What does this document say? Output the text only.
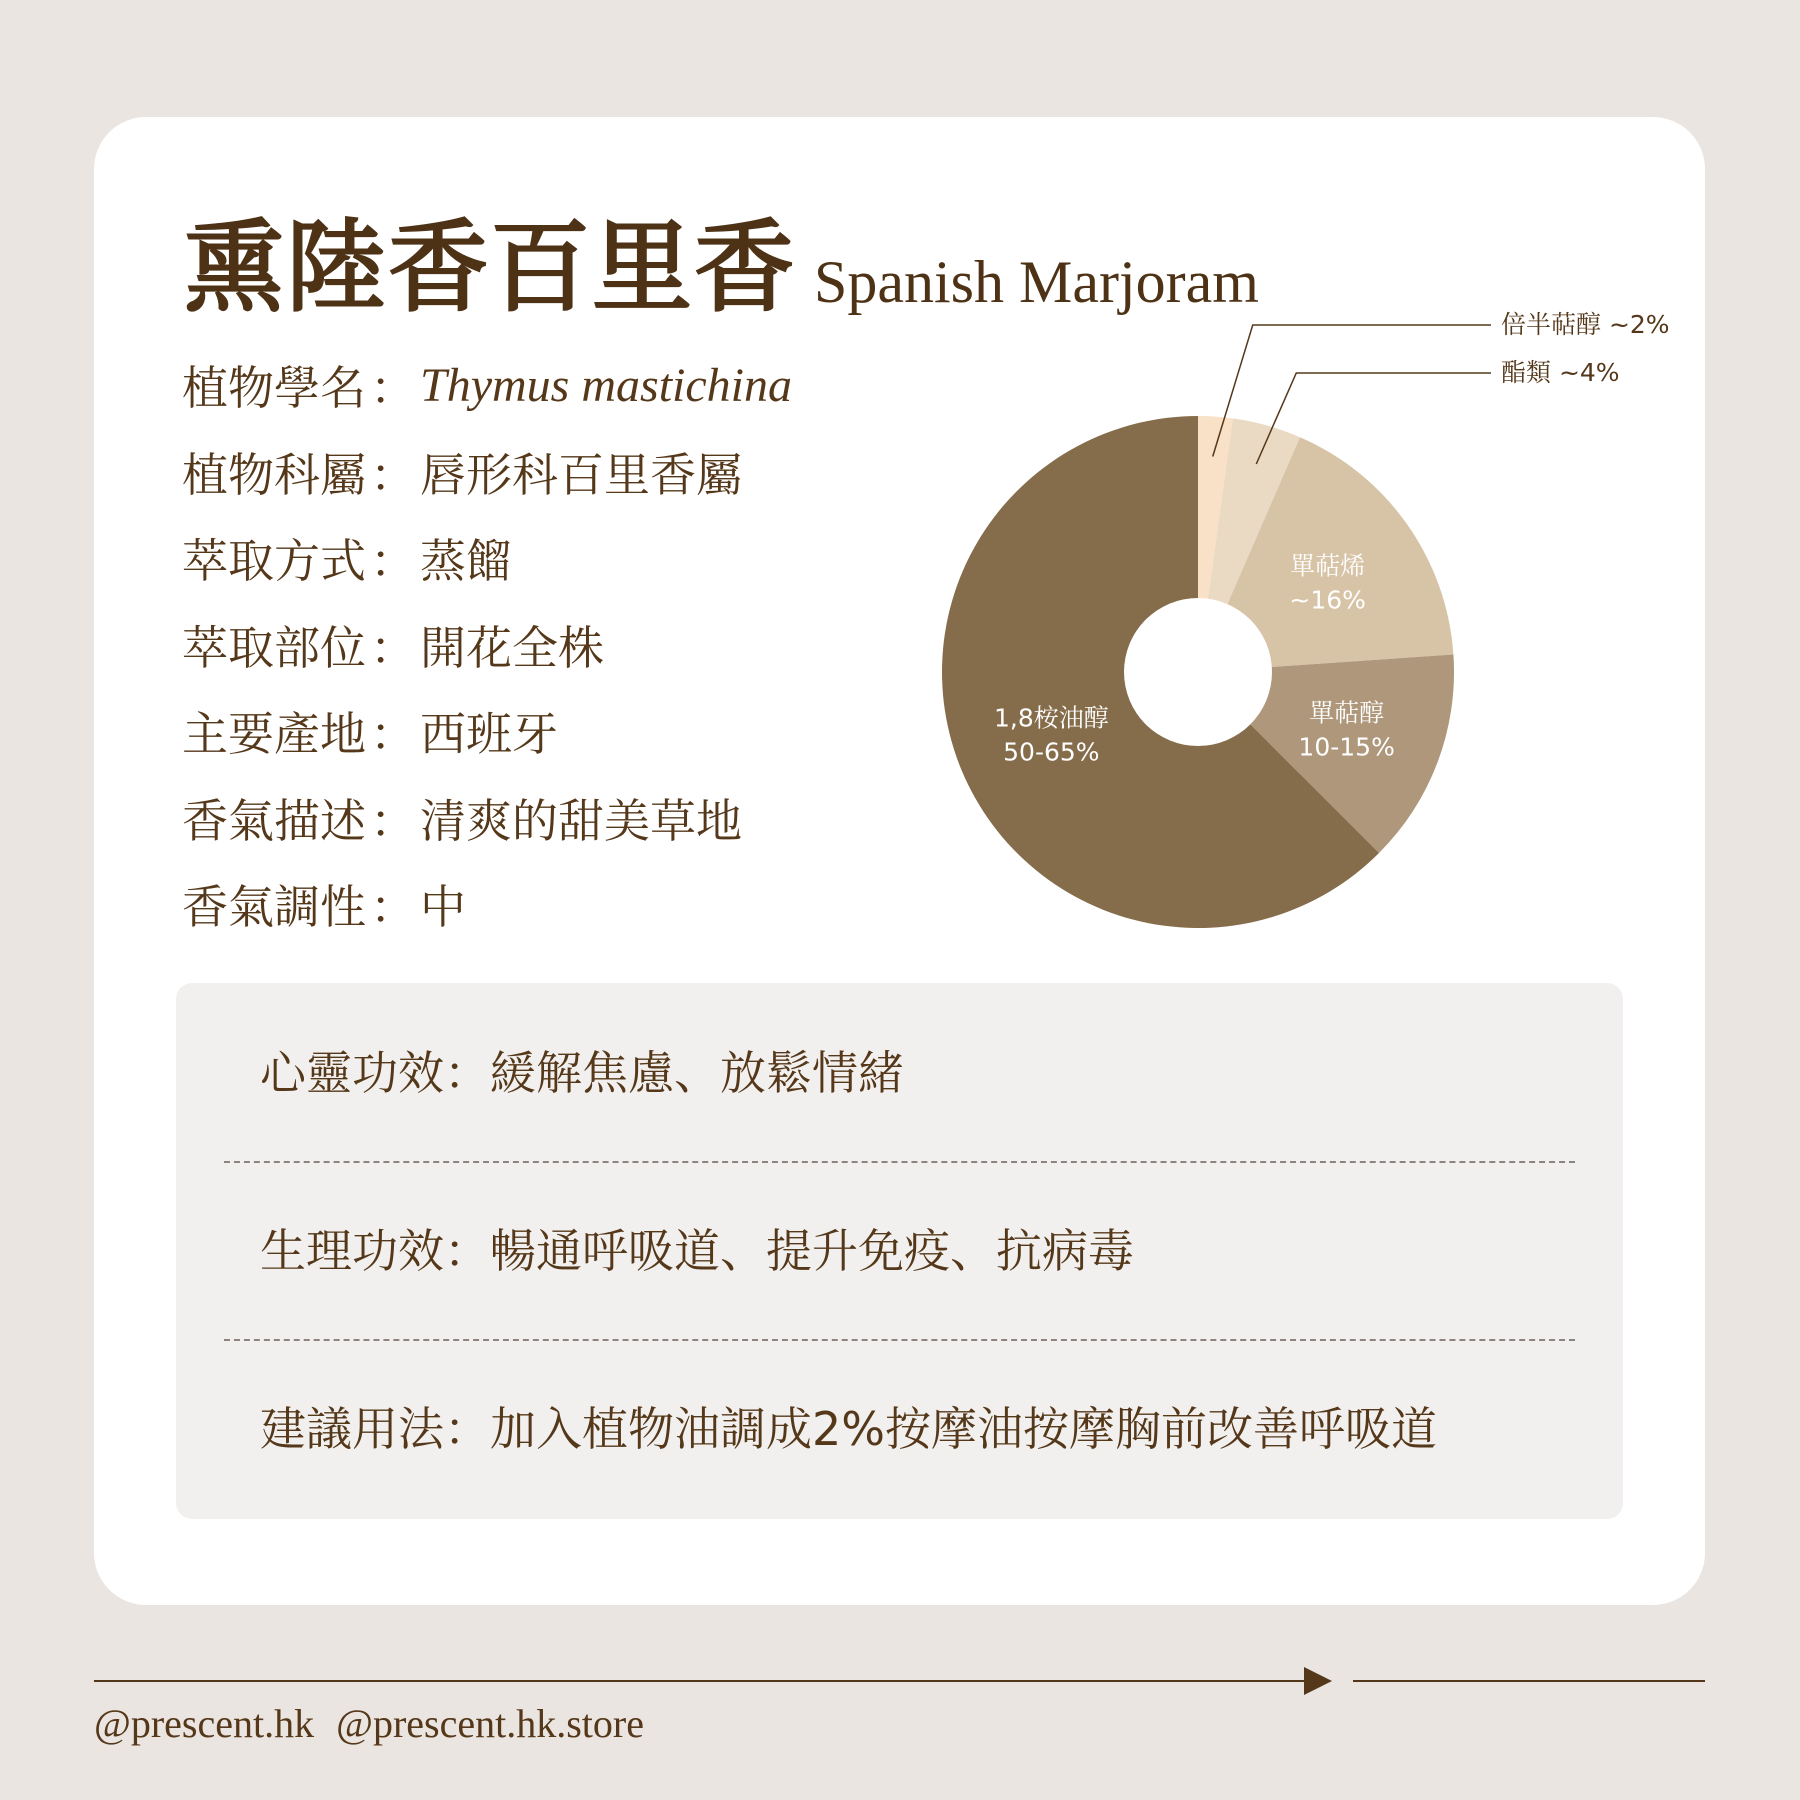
熏陸香百里香 Spanish Marjoram
植物學名 ： Thymus mastichina
植物科屬 ： 唇形科百里香屬
萃取方式 ： 蒸餾
萃取部位 ： 開花全株
主要產地 ： 西班牙
香氣描述 ： 清爽的甜美草地
香氣調性 ： 中
倍半萜醇 ~2%
酯類 ~4%
單萜烯
~16%
單萜醇
10-15%
1,8桉油醇
50-65%
心靈功效 ： 緩解焦慮、放鬆情緒
生理功效 ： 暢通呼吸道、提升免疫、抗病毒
建議用法 ： 加入植物油調成2%按摩油按摩胸前改善呼吸道
@prescent.hk @prescent.hk.store
